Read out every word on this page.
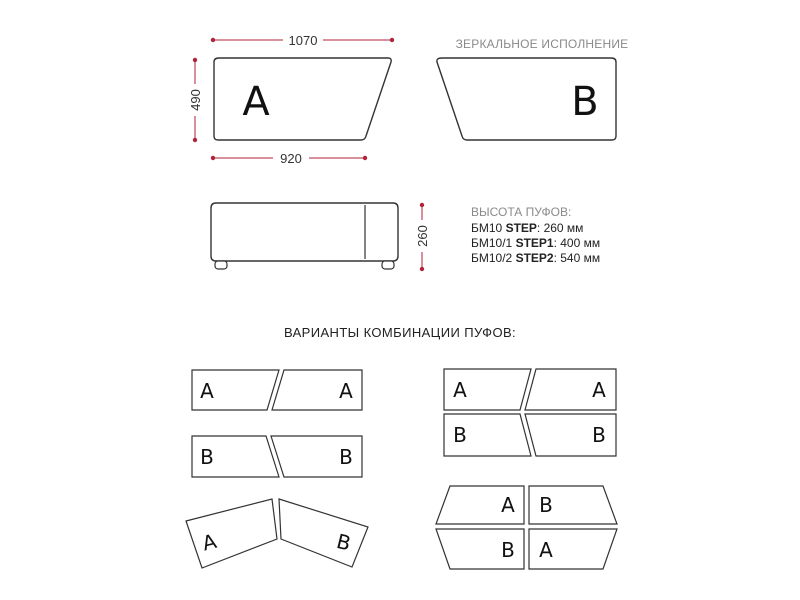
1070
490
920
A
ЗЕРКАЛЬНОЕ ИСПОЛНЕНИЕ
B
260
ВЫСОТА ПУФОВ:
БМ10 STEP: 260 мм
БМ10/1 STEP1: 400 мм
БМ10/2 STEP2: 540 мм
ВАРИАНТЫ КОМБИНАЦИИ ПУФОВ:
A	A
B	B
A	B
A	A
B	B
A B
B A
